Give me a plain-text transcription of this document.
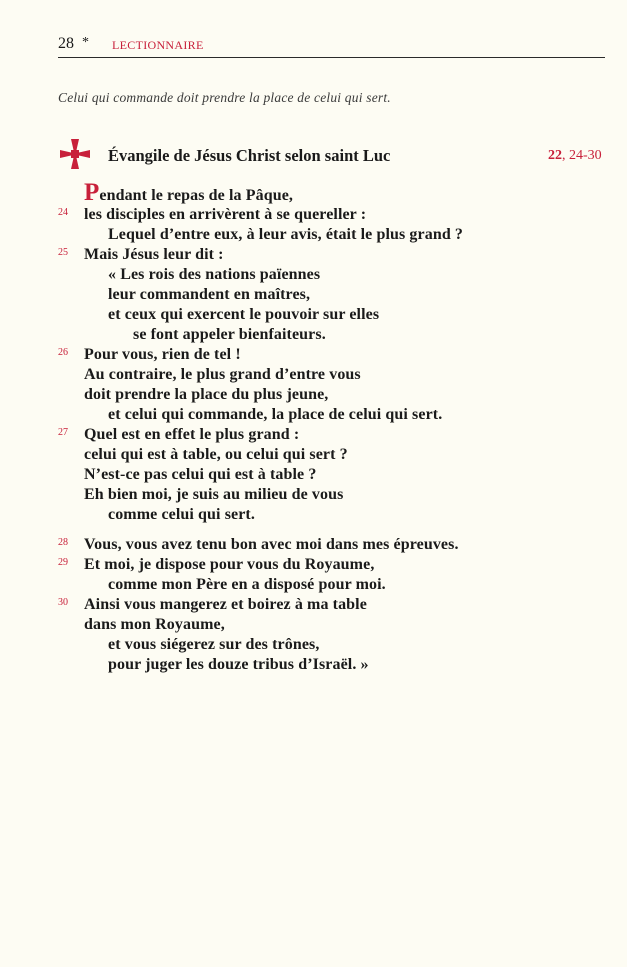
28 * LECTIONNAIRE
Celui qui commande doit prendre la place de celui qui sert.
Évangile de Jésus Christ selon saint Luc	22, 24-30
Pendant le repas de la Pâque,
24 les disciples en arrivèrent à se quereller :
Lequel d’entre eux, à leur avis, était le plus grand ?
25 Mais Jésus leur dit :
« Les rois des nations païennes
leur commandent en maîtres,
et ceux qui exercent le pouvoir sur elles
se font appeler bienfaiteurs.
26 Pour vous, rien de tel !
Au contraire, le plus grand d’entre vous
doit prendre la place du plus jeune,
et celui qui commande, la place de celui qui sert.
27 Quel est en effet le plus grand :
celui qui est à table, ou celui qui sert ?
N’est-ce pas celui qui est à table ?
Eh bien moi, je suis au milieu de vous
comme celui qui sert.
28 Vous, vous avez tenu bon avec moi dans mes épreuves.
29 Et moi, je dispose pour vous du Royaume,
comme mon Père en a disposé pour moi.
30 Ainsi vous mangerez et boirez à ma table
dans mon Royaume,
et vous siégerez sur des trônes,
pour juger les douze tribus d’Israël. »
